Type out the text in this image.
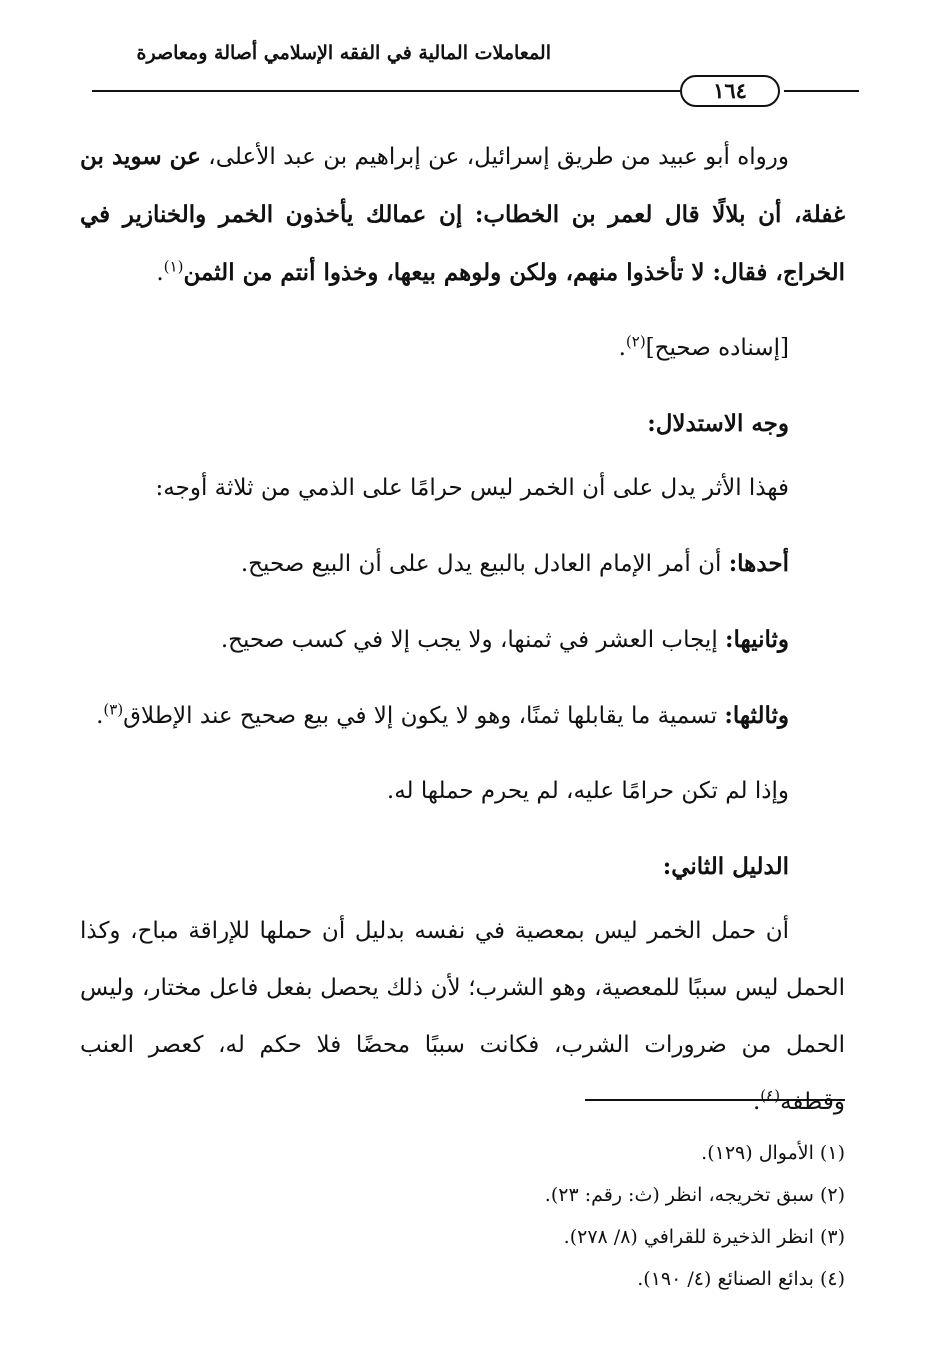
المعاملات المالية في الفقه الإسلامي أصالة ومعاصرة
١٦٤

ورواه أبو عبيد من طريق إسرائيل، عن إبراهيم بن عبد الأعلى، عن سويد بن غفلة، أن بلالًا قال لعمر بن الخطاب: إن عمالك يأخذون الخمر والخنازير في الخراج، فقال: لا تأخذوا منهم، ولكن ولوهم بيعها، وخذوا أنتم من الثمن$^{(١)}$.

[إسناده صحيح]$^{(٢)}$.

وجه الاستدلال:

فهذا الأثر يدل على أن الخمر ليس حرامًا على الذمي من ثلاثة أوجه:

أحدها: أن أمر الإمام العادل بالبيع يدل على أن البيع صحيح.

وثانيها: إيجاب العشر في ثمنها، ولا يجب إلا في كسب صحيح.

وثالثها: تسمية ما يقابلها ثمنًا، وهو لا يكون إلا في بيع صحيح عند الإطلاق$^{(٣)}$.

وإذا لم تكن حرامًا عليه، لم يحرم حملها له.

الدليل الثاني:

أن حمل الخمر ليس بمعصية في نفسه بدليل أن حملها للإراقة مباح، وكذا الحمل ليس سببًا للمعصية، وهو الشرب؛ لأن ذلك يحصل بفعل فاعل مختار، وليس الحمل من ضرورات الشرب، فكانت سببًا محضًا فلا حكم له، كعصر العنب وقطفه$^{(٤)}$.

(١) الأموال (١٢٩).
(٢) سبق تخريجه، انظر (ث: رقم: ٢٣).
(٣) انظر الذخيرة للقرافي (٨/ ٢٧٨).
(٤) بدائع الصنائع (٤/ ١٩٠).
